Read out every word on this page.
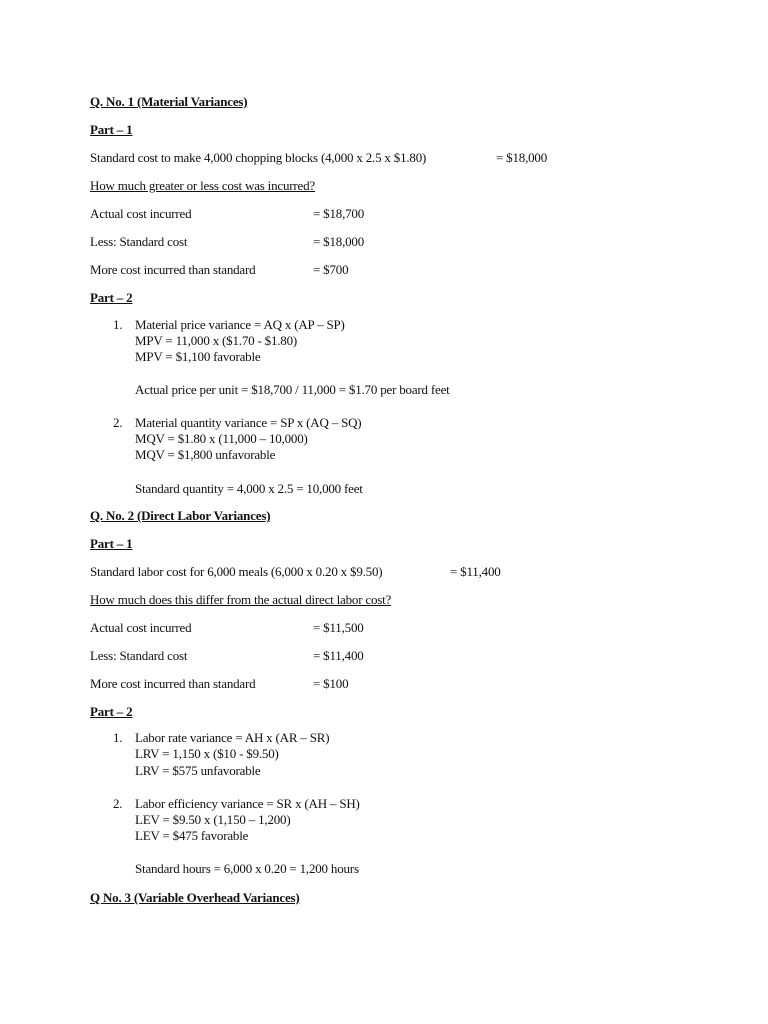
Q. No. 1 (Material Variances)
Part – 1
Standard cost to make 4,000 chopping blocks (4,000 x 2.5 x $1.80)	= $18,000
How much greater or less cost was incurred?
Actual cost incurred	= $18,700
Less: Standard cost	= $18,000
More cost incurred than standard	= $700
Part – 2
1. Material price variance = AQ x (AP – SP)
MPV = 11,000 x ($1.70 - $1.80)
MPV = $1,100 favorable
Actual price per unit = $18,700 / 11,000 = $1.70 per board feet
2. Material quantity variance = SP x (AQ – SQ)
MQV = $1.80 x (11,000 – 10,000)
MQV = $1,800 unfavorable
Standard quantity = 4,000 x 2.5 = 10,000 feet
Q. No. 2 (Direct Labor Variances)
Part – 1
Standard labor cost for 6,000 meals (6,000 x 0.20 x $9.50)	= $11,400
How much does this differ from the actual direct labor cost?
Actual cost incurred	= $11,500
Less: Standard cost	= $11,400
More cost incurred than standard	= $100
Part – 2
1. Labor rate variance = AH x (AR – SR)
LRV = 1,150 x ($10 - $9.50)
LRV = $575 unfavorable
2. Labor efficiency variance = SR x (AH – SH)
LEV = $9.50 x (1,150 – 1,200)
LEV = $475 favorable
Standard hours = 6,000 x 0.20 = 1,200 hours
Q No. 3 (Variable Overhead Variances)
